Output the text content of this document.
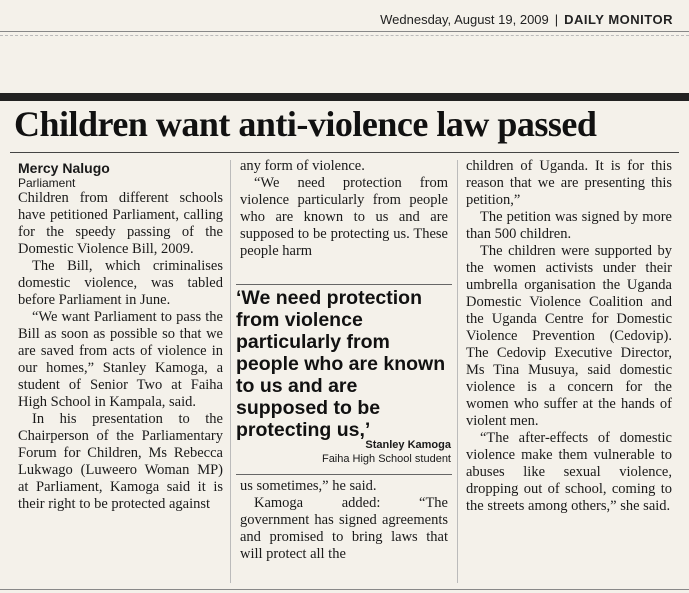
Wednesday, August 19, 2009 | DAILY MONITOR
Children want anti-violence law passed
Mercy Nalugo
Parliament

Children from different schools have petitioned Parliament, calling for the speedy passing of the Domestic Violence Bill, 2009.

The Bill, which criminalises domestic violence, was tabled before Parliament in June.

“We want Parliament to pass the Bill as soon as possible so that we are saved from acts of violence in our homes,” Stanley Kamoga, a student of Senior Two at Faiha High School in Kampala, said.

In his presentation to the Chairperson of the Parliamentary Forum for Children, Ms Rebecca Lukwago (Luweero Woman MP) at Parliament, Kamoga said it is their right to be protected against

any form of violence.

“We need protection from violence particularly from people who are known to us and are supposed to be protecting us. These people harm

‘We need protection from violence particularly from people who are known to us and are supposed to be protecting us,’
Stanley Kamoga
Faiha High School student

us sometimes,” he said.

Kamoga added: “The government has signed agreements and promised to bring laws that will protect all the

children of Uganda. It is for this reason that we are presenting this petition,”

The petition was signed by more than 500 children.

The children were supported by the women activists under their umbrella organisation the Uganda Domestic Violence Coalition and the Uganda Centre for Domestic Violence Prevention (Cedovip). The Cedovip Executive Director, Ms Tina Musuya, said domestic violence is a concern for the women who suffer at the hands of violent men.

“The after-effects of domestic violence make them vulnerable to abuses like sexual violence, dropping out of school, coming to the streets among others,” she said.
